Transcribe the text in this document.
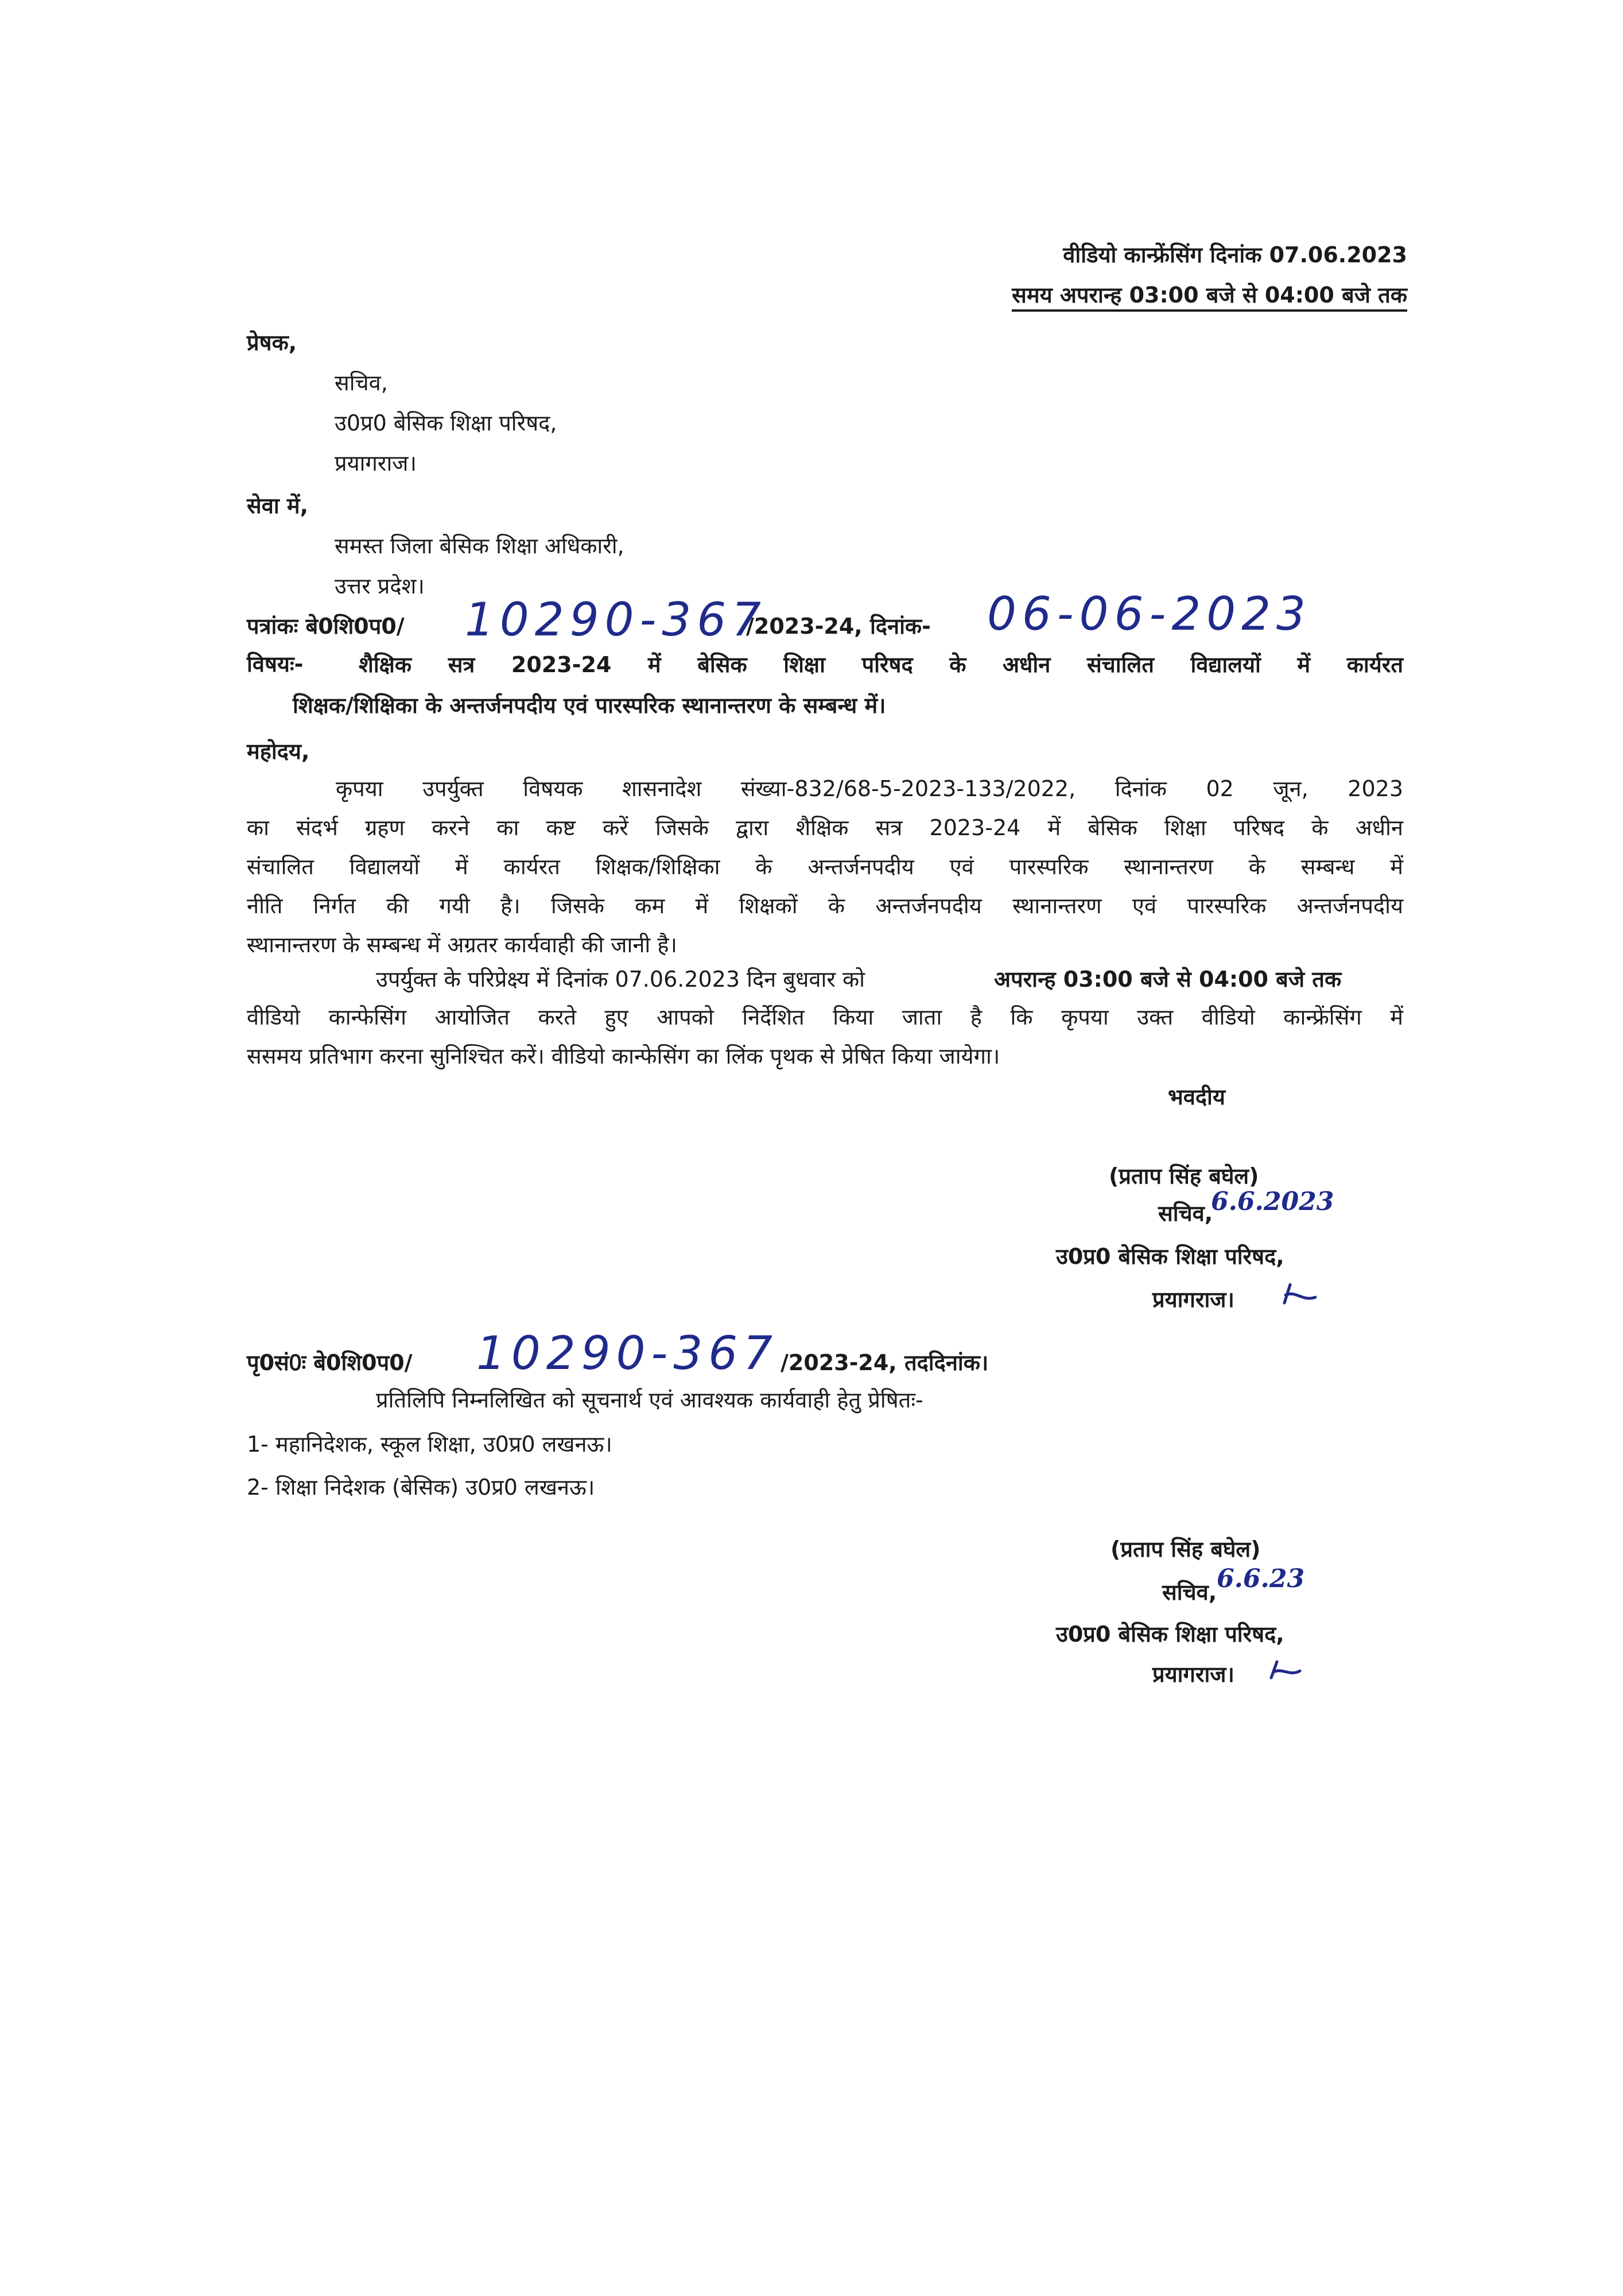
वीडियो कान्फ्रेंसिंग दिनांक 07.06.2023
समय अपरान्ह 03:00 बजे से 04:00 बजे तक
प्रेषक,
सचिव,
उ0प्र0 बेसिक शिक्षा परिषद,
प्रयागराज।
सेवा में,
समस्त जिला बेसिक शिक्षा अधिकारी,
उत्तर प्रदेश।
पत्रांकः बे0शि0प0/ 10290-367
/2023-24, दिनांक- 06-06-2023
विषयः-	शैक्षिक सत्र 2023-24 में बेसिक शिक्षा परिषद के अधीन संचालित विद्यालयों में कार्यरत
शिक्षक/शिक्षिका के अन्तर्जनपदीय एवं पारस्परिक स्थानान्तरण के सम्बन्ध में।
महोदय,
कृपया उपर्युक्त विषयक शासनादेश संख्या-832/68-5-2023-133/2022, दिनांक 02 जून, 2023
का संदर्भ ग्रहण करने का कष्ट करें जिसके द्वारा शैक्षिक सत्र 2023-24 में बेसिक शिक्षा परिषद के अधीन
संचालित विद्यालयों में कार्यरत शिक्षक/शिक्षिका के अन्तर्जनपदीय एवं पारस्परिक स्थानान्तरण के सम्बन्ध में
नीति निर्गत की गयी है। जिसके कम में शिक्षकों के अन्तर्जनपदीय स्थानान्तरण एवं पारस्परिक अन्तर्जनपदीय
स्थानान्तरण के सम्बन्ध में अग्रतर कार्यवाही की जानी है।
उपर्युक्त के परिप्रेक्ष्य में दिनांक 07.06.2023 दिन बुधवार को	अपरान्ह 03:00 बजे से 04:00 बजे तक
वीडियो कान्फेसिंग आयोजित करते हुए आपको निर्देशित किया जाता है कि कृपया उक्त वीडियो कान्फ्रेंसिंग में
ससमय प्रतिभाग करना सुनिश्चित करें। वीडियो कान्फेसिंग का लिंक पृथक से प्रेषित किया जायेगा।
भवदीय
(प्रताप सिंह बघेल)
सचिव,
6.6.2023
उ0प्र0 बेसिक शिक्षा परिषद,
प्रयागराज।
पृ0सं0ः बे0शि0प0/ 10290-367 /2023-24, तददिनांक।
प्रतिलिपि निम्नलिखित को सूचनार्थ एवं आवश्यक कार्यवाही हेतु प्रेषितः-
1- महानिदेशक, स्कूल शिक्षा, उ0प्र0 लखनऊ।
2- शिक्षा निदेशक (बेसिक) उ0प्र0 लखनऊ।
(प्रताप सिंह बघेल)
सचिव, 6.6.23
उ0प्र0 बेसिक शिक्षा परिषद,
प्रयागराज।
